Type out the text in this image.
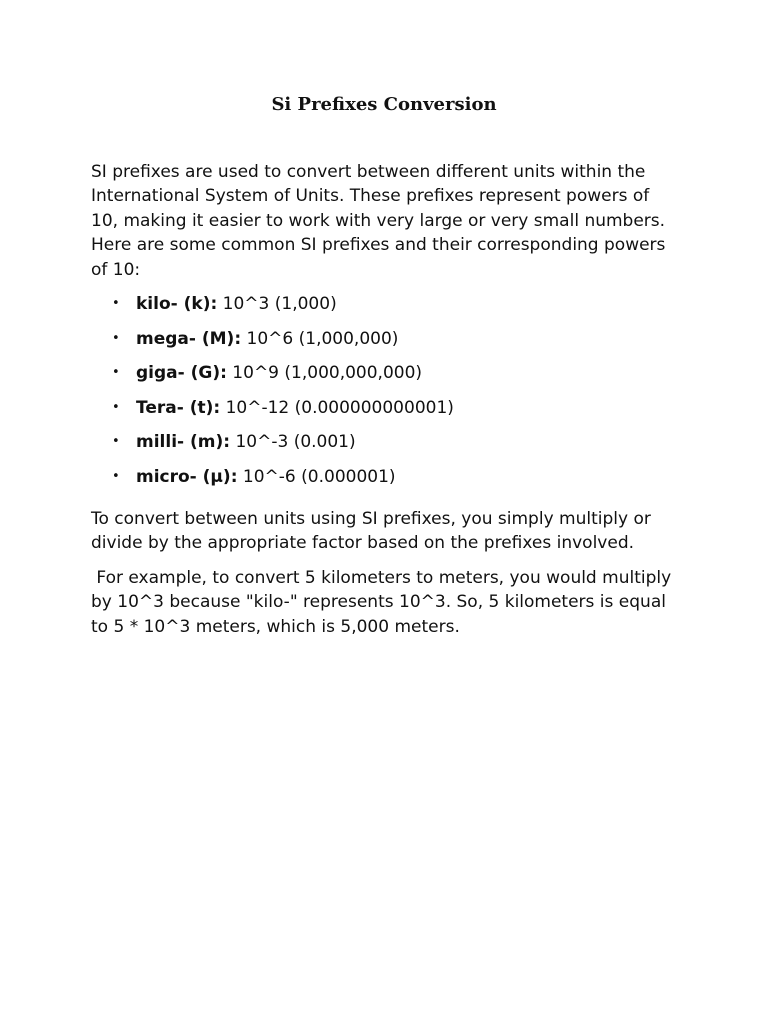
Si Prefixes Conversion

SI prefixes are used to convert between different units within the International System of Units. These prefixes represent powers of 10, making it easier to work with very large or very small numbers. Here are some common SI prefixes and their corresponding powers of 10:

• kilo- (k): 10^3 (1,000)
• mega- (M): 10^6 (1,000,000)
• giga- (G): 10^9 (1,000,000,000)
• Tera- (t): 10^-12 (0.000000000001)
• milli- (m): 10^-3 (0.001)
• micro- (µ): 10^-6 (0.000001)

To convert between units using SI prefixes, you simply multiply or divide by the appropriate factor based on the prefixes involved.

For example, to convert 5 kilometers to meters, you would multiply by 10^3 because "kilo-" represents 10^3. So, 5 kilometers is equal to 5 * 10^3 meters, which is 5,000 meters.
